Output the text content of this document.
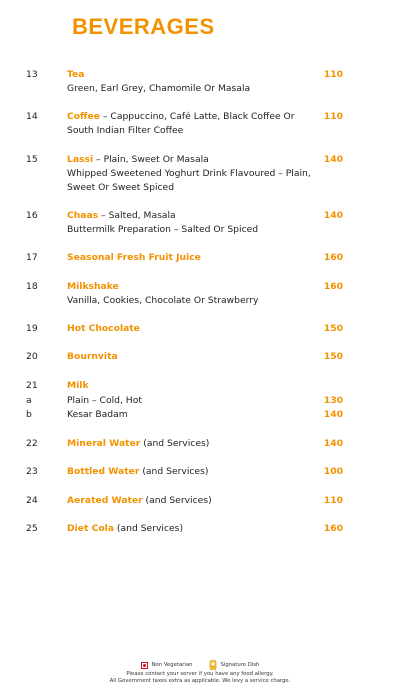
BEVERAGES
13	Tea	110
Green, Earl Grey, Chamomile Or Masala
14	Coffee – Cappuccino, Café Latte, Black Coffee Or	110
South Indian Filter Coffee
15	Lassi – Plain, Sweet Or Masala	140
Whipped Sweetened Yoghurt Drink Flavoured – Plain,
Sweet Or Sweet Spiced
16	Chaas – Salted, Masala	140
Buttermilk Preparation – Salted Or Spiced
17	Seasonal Fresh Fruit Juice	160
18	Milkshake	160
Vanilla, Cookies, Chocolate Or Strawberry
19	Hot Chocolate	150
20	Bournvita	150
21	Milk
a	Plain – Cold, Hot	130
b	Kesar Badam	140
22	Mineral Water (and Services)	140
23	Bottled Water (and Services)	100
24	Aerated Water (and Services)	110
25	Diet Cola (and Services)	160
Non Vegetarian	Signature Dish
Please contact your server if you have any food allergy.
All Government taxes extra as applicable. We levy a service charge.
